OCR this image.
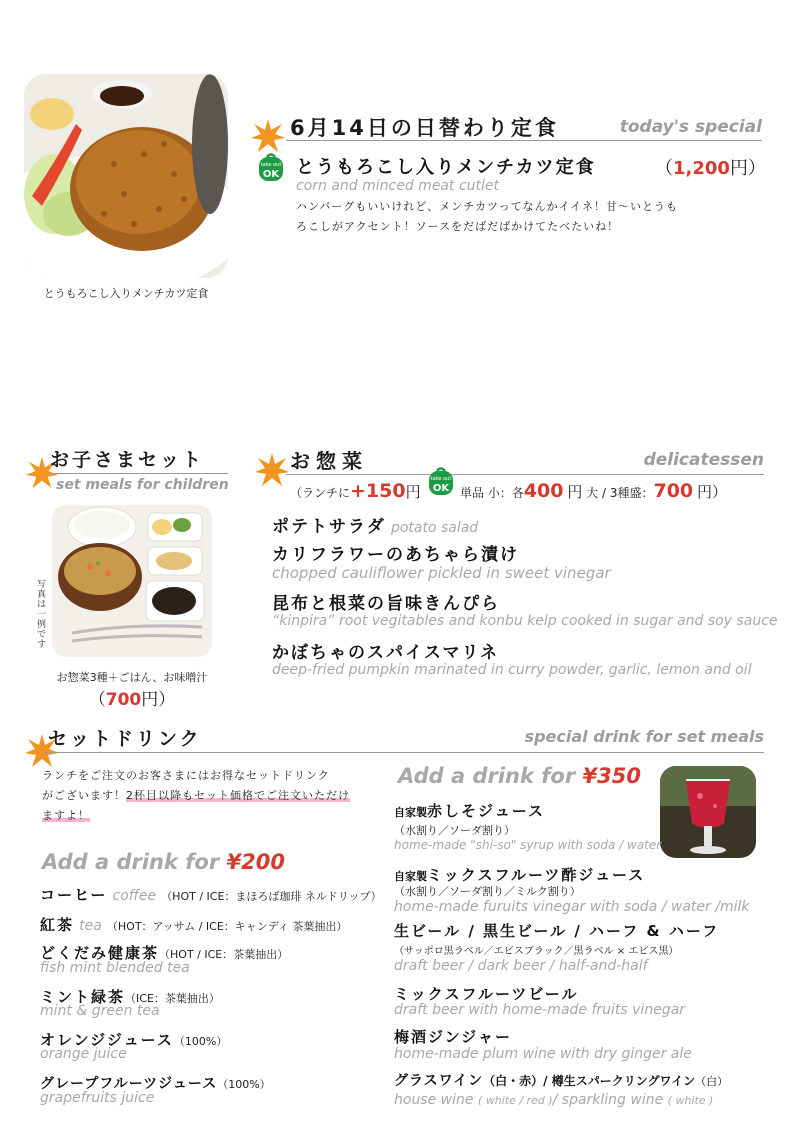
とうもろこし入りメンチカツ定食
6月14日の日替わり定食	today's special
take out
OK とうもろこし入りメンチカツ定食	（1,200円）
corn and minced meat cutlet
ハンバーグもいいけれど、メンチカツってなんかイイネ！甘〜いとうも
ろこしがアクセント！ソースをだばだばかけてたべたいね！
お子さまセット
set meals for children
写真は一例です
お惣菜3種＋ごはん、お味噌汁
（700円）
お惣菜	delicatessen
（ランチに+150円
take out
OK 単品 小：各400 円 大 / 3種盛：700 円）
ポテトサラダ potato salad
カリフラワーのあちゃら漬け
chopped cauliflower pickled in sweet vinegar
昆布と根菜の旨味きんぴら
“kinpira” root vegitables and konbu kelp cooked in sugar and soy sauce
かぼちゃのスパイスマリネ
deep-fried pumpkin marinated in curry powder, garlic, lemon and oil
セットドリンク	special drink for set meals
ランチをご注文のお客さまにはお得なセットドリンク
がございます！2杯目以降もセット価格でご注文いただけ
ますよ！
Add a drink for ¥200
コーヒー coffee （HOT / ICE：まほろば珈琲 ネルドリップ）
紅茶 tea （HOT：アッサム / ICE：キャンディ 茶葉抽出）
どくだみ健康茶（HOT / ICE：茶葉抽出）
fish mint blended tea
ミント緑茶（ICE：茶葉抽出）
mint & green tea
オレンジジュース（100%）
orange juice
グレープフルーツジュース（100%）
grapefruits juice
Add a drink for ¥350
自家製赤しそジュース
（水割り／ソーダ割り）
home-made "shi-so" syrup with soda / water
自家製ミックスフルーツ酢ジュース
（水割り／ソーダ割り／ミルク割り）
home-made furuits vinegar with soda / water /milk
生ビール / 黒生ビール / ハーフ & ハーフ
（サッポロ黒ラベル／エビスブラック／黒ラベル × エビス黒）
draft beer / dark beer / half-and-half
ミックスフルーツビール
draft beer with home-made fruits vinegar
梅酒ジンジャー
home-made plum wine with dry ginger ale
グラスワイン（白・赤）/ 樽生スパークリングワイン（白）
house wine ( white / red )/ sparkling wine ( white )
